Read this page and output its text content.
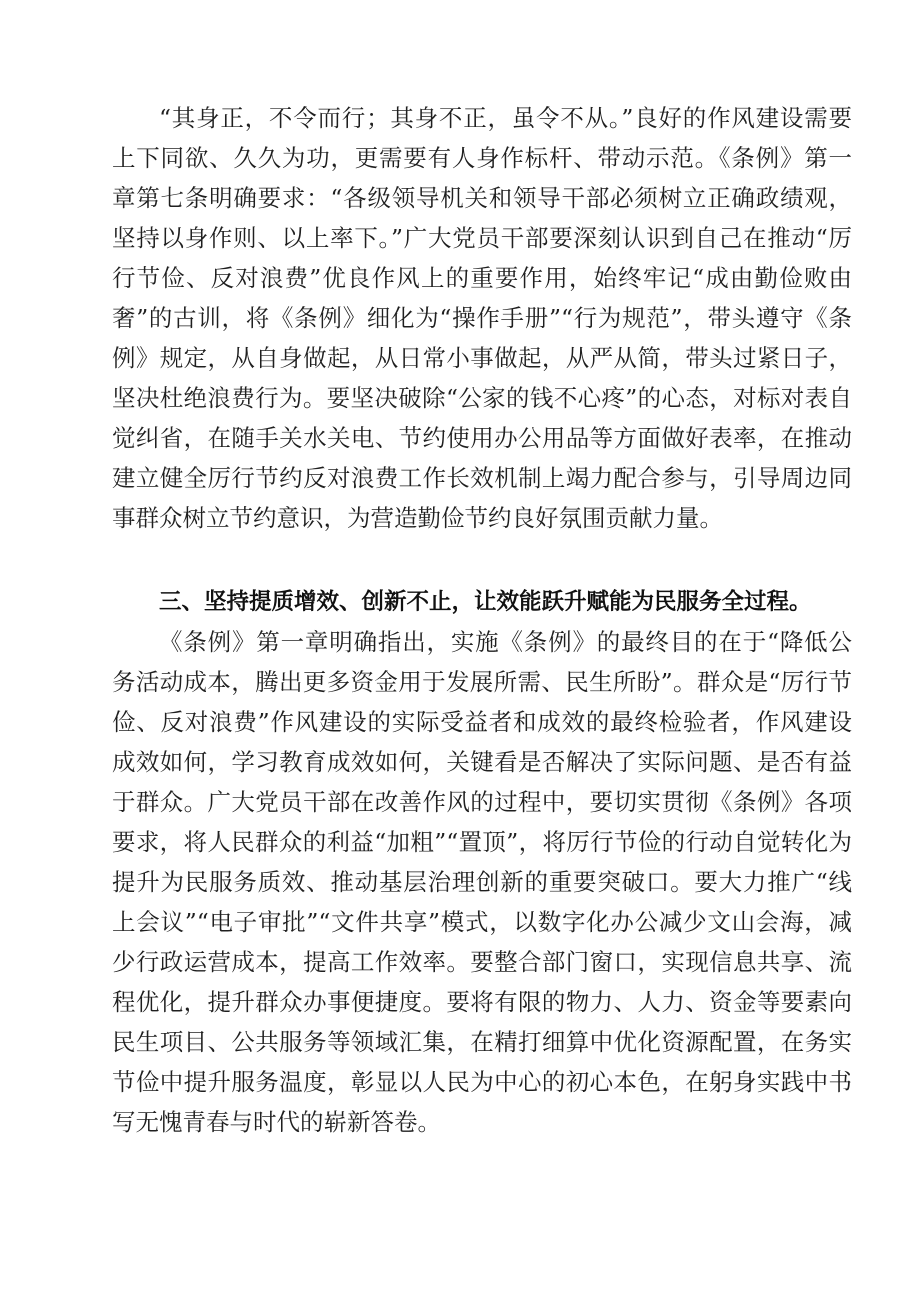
“其身正，不令而行；其身不正，虽令不从。”良好的作风建设需要上下同欲、久久为功，更需要有人身作标杆、带动示范。《条例》第一章第七条明确要求：“各级领导机关和领导干部必须树立正确政绩观，坚持以身作则、以上率下。”广大党员干部要深刻认识到自己在推动“厉行节俭、反对浪费”优良作风上的重要作用，始终牢记“成由勤俭败由奢”的古训，将《条例》细化为“操作手册”“行为规范”，带头遵守《条例》规定，从自身做起，从日常小事做起，从严从简，带头过紧日子，坚决杜绝浪费行为。要坚决破除“公家的钱不心疼”的心态，对标对表自觉纠省，在随手关水关电、节约使用办公用品等方面做好表率，在推动建立健全厉行节约反对浪费工作长效机制上竭力配合参与，引导周边同事群众树立节约意识，为营造勤俭节约良好氛围贡献力量。

三、坚持提质增效、创新不止，让效能跃升赋能为民服务全过程。

《条例》第一章明确指出，实施《条例》的最终目的在于“降低公务活动成本，腾出更多资金用于发展所需、民生所盼”。群众是“厉行节俭、反对浪费”作风建设的实际受益者和成效的最终检验者，作风建设成效如何，学习教育成效如何，关键看是否解决了实际问题、是否有益于群众。广大党员干部在改善作风的过程中，要切实贯彻《条例》各项要求，将人民群众的利益“加粗”“置顶”，将厉行节俭的行动自觉转化为提升为民服务质效、推动基层治理创新的重要突破口。要大力推广“线上会议”“电子审批”“文件共享”模式，以数字化办公减少文山会海，减少行政运营成本，提高工作效率。要整合部门窗口，实现信息共享、流程优化，提升群众办事便捷度。要将有限的物力、人力、资金等要素向民生项目、公共服务等领域汇集，在精打细算中优化资源配置，在务实节俭中提升服务温度，彰显以人民为中心的初心本色，在躬身实践中书写无愧青春与时代的崭新答卷。
